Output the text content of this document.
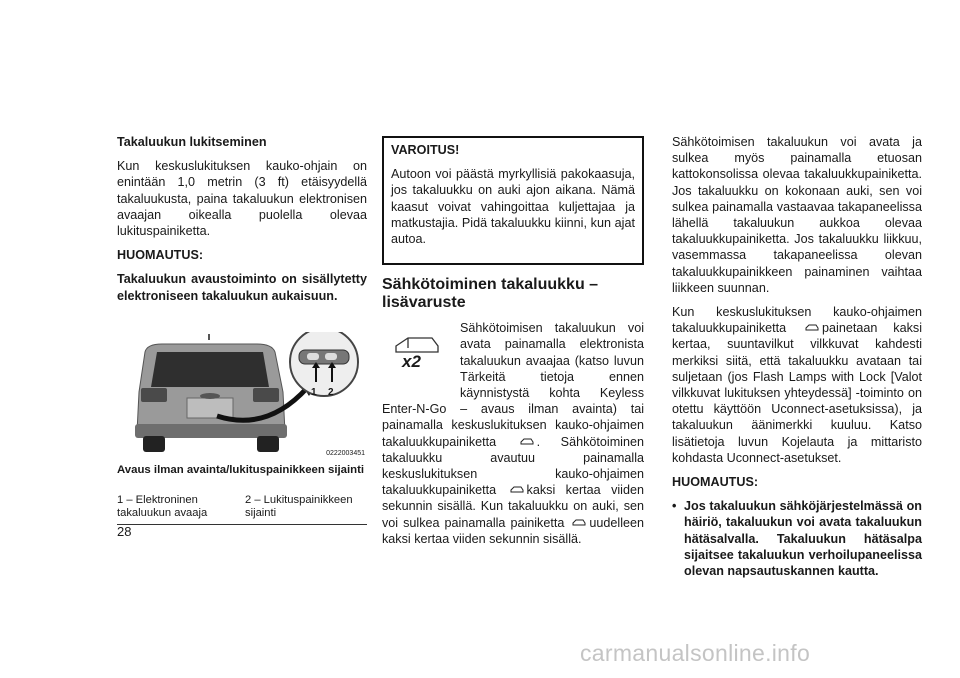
Takaluukun lukitseminen

Kun keskuslukituksen kauko-ohjain on enintään 1,0 metrin (3 ft) etäisyydellä takaluukusta, paina takaluukun elektronisen avaajan oikealla puolella olevaa lukituspainiketta.

HUOMAUTUS:

Takaluukun avaustoiminto on sisällytetty elektroniseen takaluukun aukaisuun.

1 2
0222003451

Avaus ilman avainta/lukituspainikkeen sijainti

1 – Elektroninen takaluukun avaaja
2 – Lukituspainikkeen sijainti

VAROITUS!

Autoon voi päästä myrkyllisiä pakokaasuja, jos takaluukku on auki ajon aikana. Nämä kaasut voivat vahingoittaa kuljettajaa ja matkustajia. Pidä takaluukku kiinni, kun ajat autoa.

Sähkötoiminen takaluukku – lisävaruste
x2

Sähkötoimisen takaluukun voi avata painamalla elektronista takaluukun avaajaa (katso luvun Tärkeitä tietoja ennen käynnistystä kohta Keyless Enter-N-Go – avaus ilman avainta) tai painamalla keskuslukituksen kauko-ohjaimen takaluukkupainiketta	. Sähkötoiminen takaluukku avautuu painamalla keskuslukituksen kauko-ohjaimen takaluukkupainiketta kaksi kertaa viiden sekunnin sisällä. Kun takaluukku on auki, sen voi sulkea painamalla painiketta uudelleen kaksi kertaa viiden sekunnin sisällä.

Sähkötoimisen takaluukun voi avata ja sulkea myös painamalla etuosan kattokonsolissa olevaa takaluukkupainiketta. Jos takaluukku on kokonaan auki, sen voi sulkea painamalla vastaavaa takapaneelissa lähellä takaluukun aukkoa olevaa takaluukkupainiketta. Jos takaluukku liikkuu, vasemmassa takapaneelissa olevan takaluukkupainikkeen painaminen vaihtaa liikkeen suunnan.

Kun keskuslukituksen kauko-ohjaimen takaluukkupainiketta	painetaan kaksi kertaa, suuntavilkut vilkkuvat kahdesti merkiksi siitä, että takaluukku avataan tai suljetaan (jos Flash Lamps with Lock [Valot vilkkuvat lukituksen yhteydessä] -toiminto on otettu käyttöön Uconnect-asetuksissa), ja takaluukun äänimerkki kuuluu. Katso lisätietoja luvun Kojelauta ja mittaristo kohdasta Uconnect-asetukset.

HUOMAUTUS:

• Jos takaluukun sähköjärjestelmässä on häiriö, takaluukun voi avata takaluukun hätäsalvalla. Takaluukun hätäsalpa sijaitsee takaluukun verhoilupaneelissa olevan napsautuskannen kautta.
28
carmanualsonline.info
